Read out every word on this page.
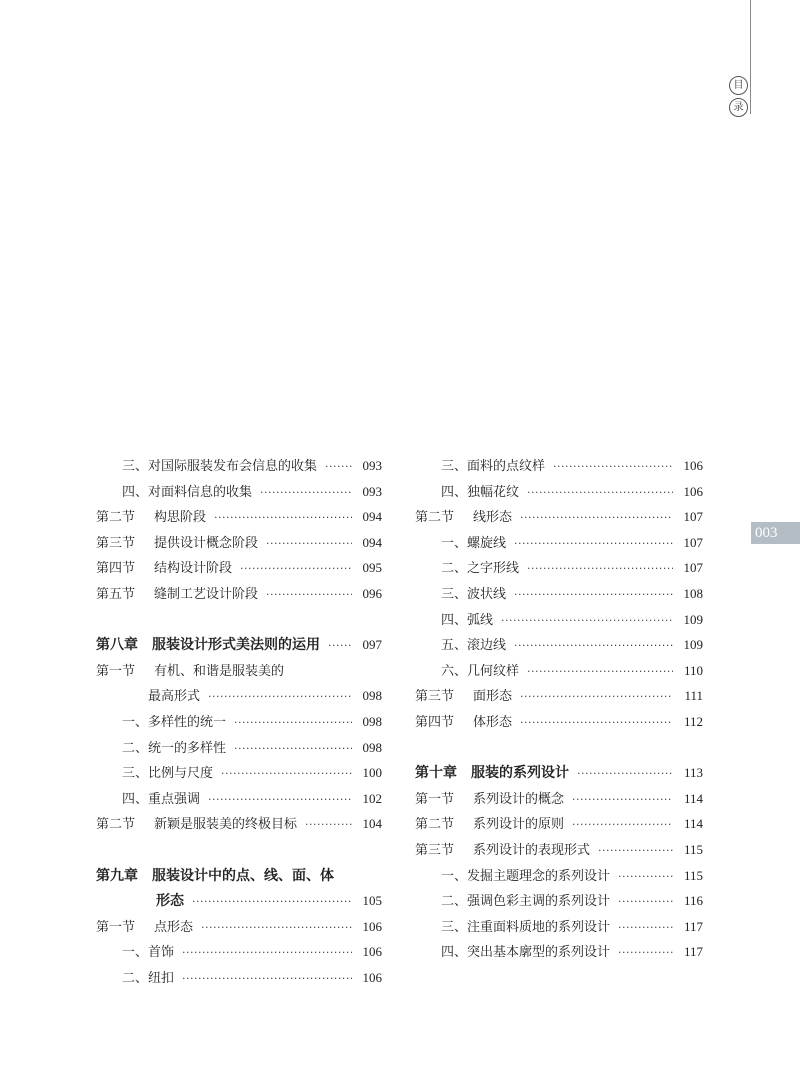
目
录
003
三、对国际服装发布会信息的收集 ·····	093
四、对面料信息的收集 ·····	093
第二节	构思阶段 ·····	094
第三节	提供设计概念阶段 ·····	094
第四节	结构设计阶段 ·····	095
第五节	缝制工艺设计阶段 ·····	096
第八章　服装设计形式美法则的运用 ·····	097
第一节	有机、和谐是服装美的
最高形式 ·····	098
一、多样性的统一 ·····	098
二、统一的多样性 ·····	098
三、比例与尺度 ·····	100
四、重点强调 ·····	102
第二节	新颖是服装美的终极目标 ·····	104
第九章　服装设计中的点、线、面、体
形态 ·····	105
第一节	点形态 ·····	106
一、首饰 ·····	106
二、纽扣 ·····	106
三、面料的点纹样 ·····	106
四、独幅花纹 ·····	106
第二节	线形态 ·····	107
一、螺旋线 ·····	107
二、之字形线 ·····	107
三、波状线 ·····	108
四、弧线 ·····	109
五、滚边线 ·····	109
六、几何纹样 ·····	110
第三节	面形态 ·····	111
第四节	体形态 ·····	112
第十章　服装的系列设计 ·····	113
第一节	系列设计的概念 ·····	114
第二节	系列设计的原则 ·····	114
第三节	系列设计的表现形式 ·····	115
一、发掘主题理念的系列设计 ·····	115
二、强调色彩主调的系列设计 ·····	116
三、注重面料质地的系列设计 ·····	117
四、突出基本廓型的系列设计 ·····	117
